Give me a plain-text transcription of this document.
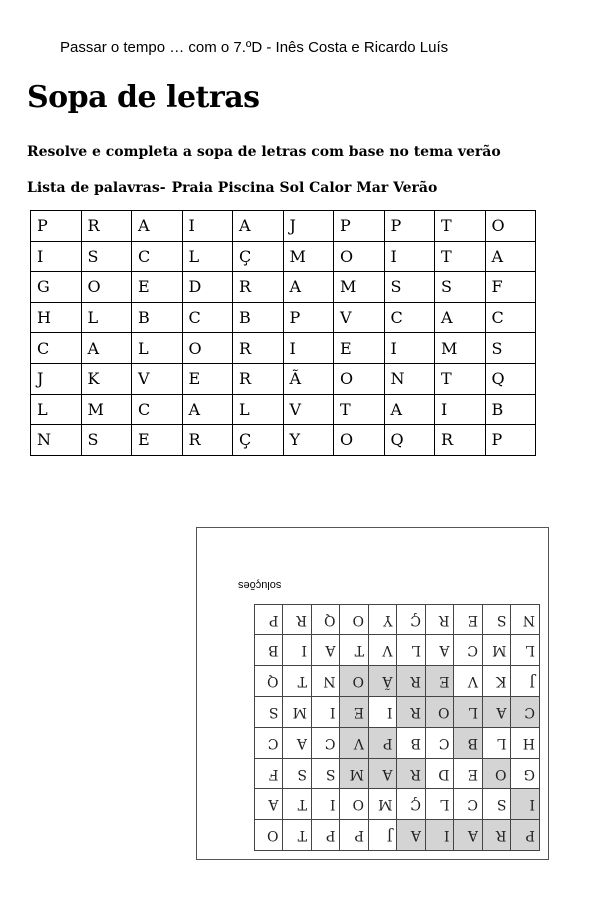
Passar o tempo … com o 7.ºD - Inês Costa e Ricardo Luís
Sopa de letras
Resolve e completa a sopa de letras com base no tema verão
Lista de palavras- Praia Piscina Sol Calor Mar Verão
P	R	A	I	A	J	P	P	T	O
I	S	C	L	Ç	M	O	I	T	A
G	O	E	D	R	A	M	S	S	F
H	L	B	C	B	P	V	C	A	C
C	A	L	O	R	I	E	I	M	S
J	K	V	E	R	Ã	O	N	T	Q
L	M	C	A	L	V	T	A	I	B
N	S	E	R	Ç	Y	O	Q	R	P
P	R	A	I	A	J	P	P	T	O
I	S	C	L	Ç	M	O	I	T	A
G	O	E	D	R	A	M	S	S	F
H	L	B	C	B	P	V	C	A	C
C	A	L	O	R	I	E	I	M	S
J	K	V	E	R	Ã	O	N	T	Q
L	M	C	A	L	V	T	A	I	B
N	S	E	R	Ç	Y	O	Q	R	P
soluções
